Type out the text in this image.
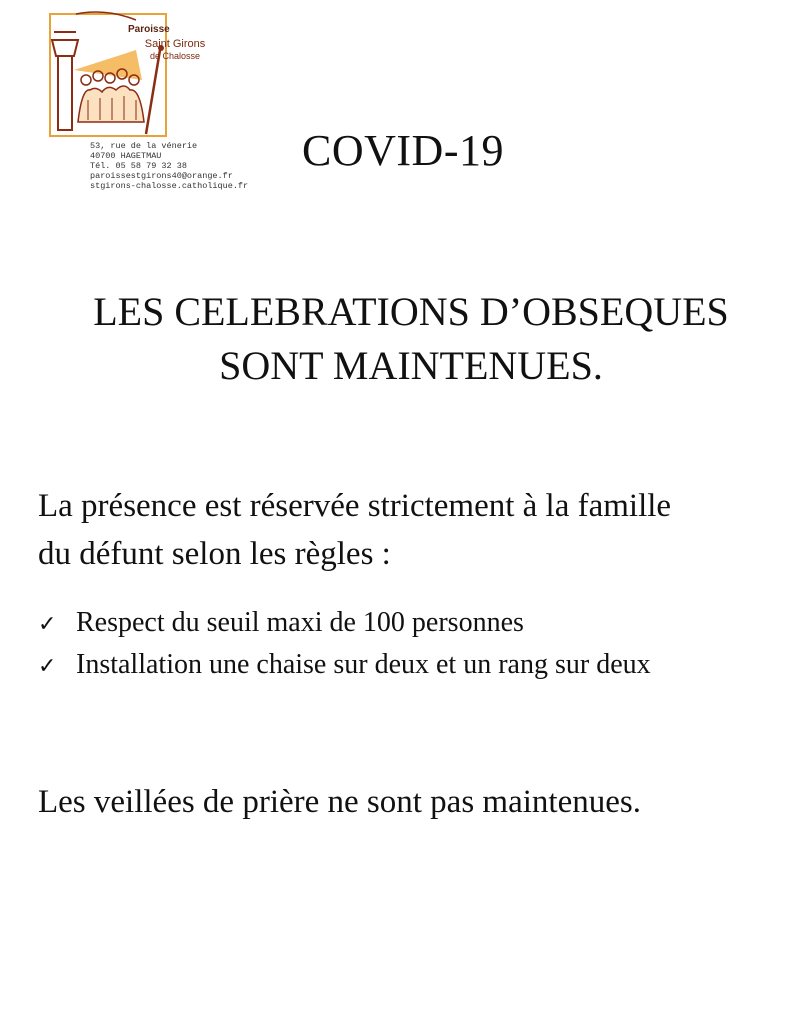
Paroisse
Saint Girons
de Chalosse
53, rue de la vénerie
40700 HAGETMAU
Tél. 05 58 79 32 38
paroissestgirons40@orange.fr
stgirons-chalosse.catholique.fr
COVID-19
LES CELEBRATIONS D’OBSEQUES
SONT MAINTENUES.
La présence est réservée strictement à la famille
du défunt selon les règles :
✓ Respect du seuil maxi de 100 personnes
✓ Installation une chaise sur deux et un rang sur deux
Les veillées de prière ne sont pas maintenues.
